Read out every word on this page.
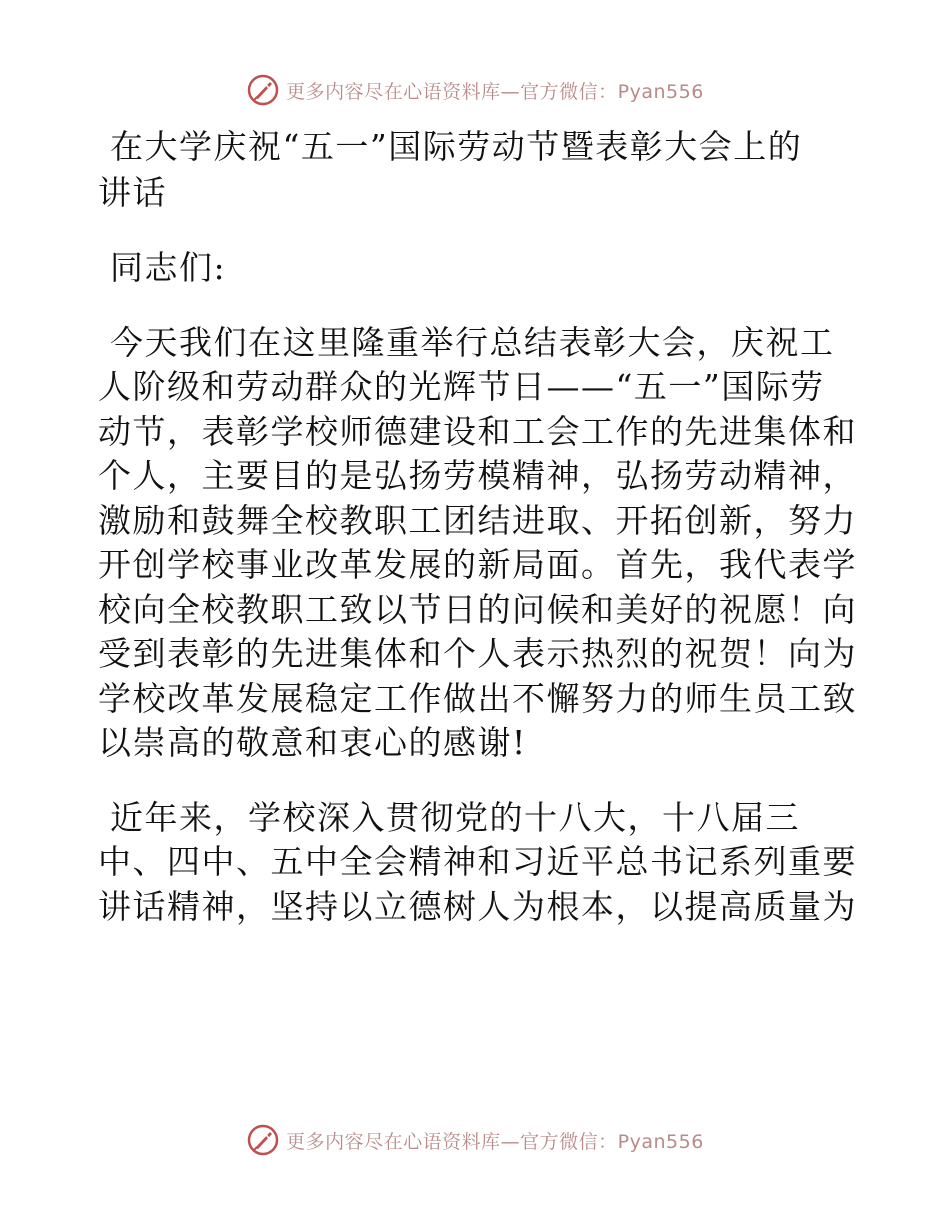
更多内容尽在心语资料库—官方微信：Pyan556
在大学庆祝“五一”国际劳动节暨表彰大会上的
讲话

同志们:

今天我们在这里隆重举行总结表彰大会，庆祝工
人阶级和劳动群众的光辉节日——“五一”国际劳
动节，表彰学校师德建设和工会工作的先进集体和
个人，主要目的是弘扬劳模精神，弘扬劳动精神，
激励和鼓舞全校教职工团结进取、开拓创新，努力
开创学校事业改革发展的新局面。首先，我代表学
校向全校教职工致以节日的问候和美好的祝愿！向
受到表彰的先进集体和个人表示热烈的祝贺！向为
学校改革发展稳定工作做出不懈努力的师生员工致
以崇高的敬意和衷心的感谢!
近年来，学校深入贯彻党的十八大，十八届三
中、四中、五中全会精神和习近平总书记系列重要
讲话精神，坚持以立德树人为根本，以提高质量为
更多内容尽在心语资料库—官方微信：Pyan556
